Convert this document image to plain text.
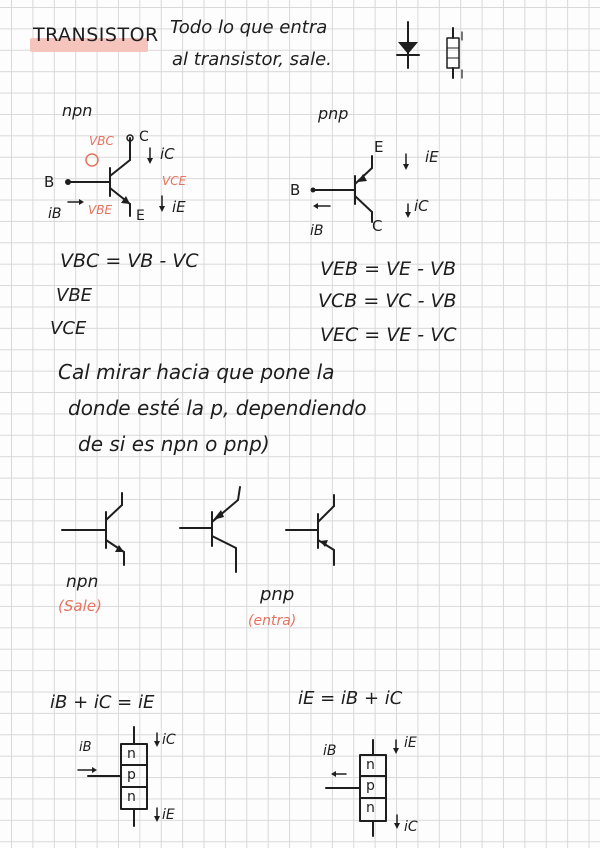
TRANSISTOR Todo lo que entra
al transistor, sale.
npn	pnp
B
C
E
iB
iC
iE
VBC
VCE
VBE
B
E
C
iB
iC
iE
VBC = VB - VC
VBE
VCE
VEB = VE - VB
VCB = VC - VB
VEC = VE - VC
Cal mirar hacia que pone la
donde esté la p, dependiendo
de si es npn o pnp)
npn
(Sale)
pnp
(entra)
iB + iC = iE
n
p
n
iB	iC
iE
iE = iB + iC
n
p
n
iB	iE
iC
